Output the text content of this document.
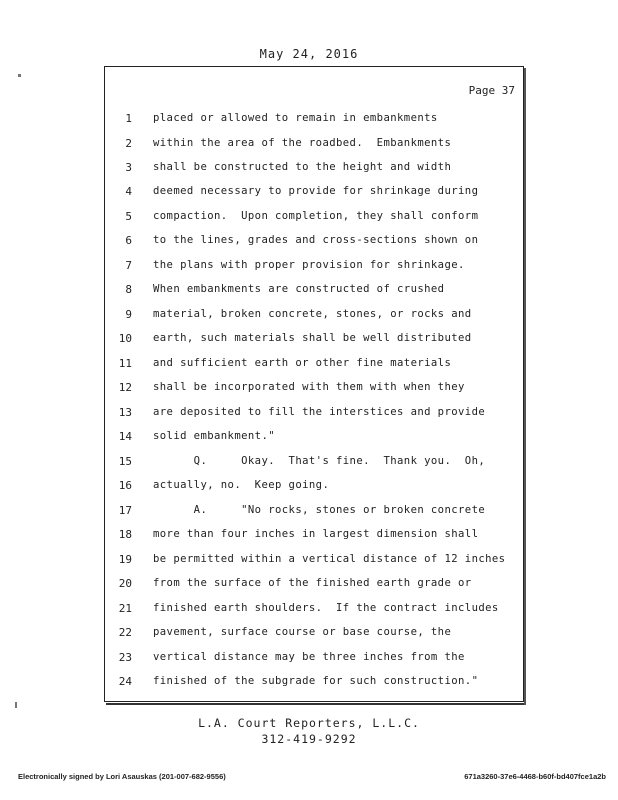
May 24, 2016
Page 37
1
2
3
4
5
6
7
8
9
10
11
12
13
14
15
16
17
18
19
20
21
22
23
24
placed or allowed to remain in embankments
within the area of the roadbed.  Embankments
shall be constructed to the height and width
deemed necessary to provide for shrinkage during
compaction.  Upon completion, they shall conform
to the lines, grades and cross-sections shown on
the plans with proper provision for shrinkage.
When embankments are constructed of crushed
material, broken concrete, stones, or rocks and
earth, such materials shall be well distributed
and sufficient earth or other fine materials
shall be incorporated with them with when they
are deposited to fill the interstices and provide
solid embankment."
Q.     Okay.  That's fine.  Thank you.  Oh,
actually, no.  Keep going.
A.     "No rocks, stones or broken concrete
more than four inches in largest dimension shall
be permitted within a vertical distance of 12 inches
from the surface of the finished earth grade or
finished earth shoulders.  If the contract includes
pavement, surface course or base course, the
vertical distance may be three inches from the
finished of the subgrade for such construction."
L.A. Court Reporters, L.L.C.
312-419-9292
Electronically signed by Lori Asauskas (201-007-682-9556)	671a3260-37e6-4468-b60f-bd407fce1a2b
